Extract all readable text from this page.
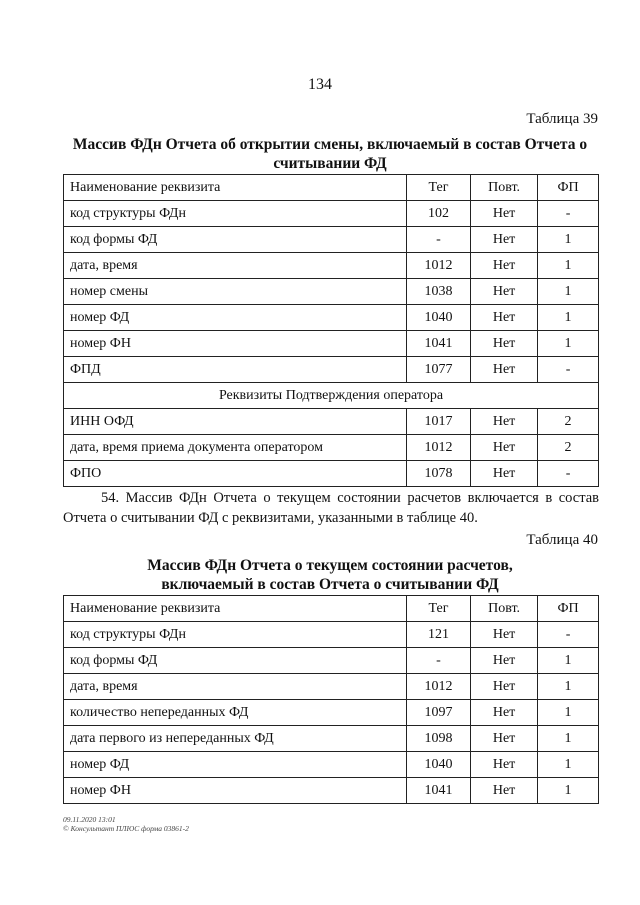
134
Таблица 39
Массив ФДн Отчета об открытии смены, включаемый в состав Отчета о
считывании ФД
Наименование реквизита	Тег	Повт.	ФП
код структуры ФДн	102	Нет	-
код формы ФД	-	Нет	1
дата, время	1012	Нет	1
номер смены	1038	Нет	1
номер ФД	1040	Нет	1
номер ФН	1041	Нет	1
ФПД	1077	Нет	-
Реквизиты Подтверждения оператора			
ИНН ОФД	1017	Нет	2
дата, время приема документа оператором	1012	Нет	2
ФПО	1078	Нет	-
54. Массив ФДн Отчета о текущем состоянии расчетов включается в состав Отчета о считывании ФД с реквизитами, указанными в таблице 40.
Таблица 40
Массив ФДн Отчета о текущем состоянии расчетов,
включаемый в состав Отчета о считывании ФД
Наименование реквизита	Тег	Повт.	ФП
код структуры ФДн	121	Нет	-
код формы ФД	-	Нет	1
дата, время	1012	Нет	1
количество непереданных ФД	1097	Нет	1
дата первого из непереданных ФД	1098	Нет	1
номер ФД	1040	Нет	1
номер ФН	1041	Нет	1
09.11.2020 13:01
© Консультант ПЛЮС форма 03861-2
